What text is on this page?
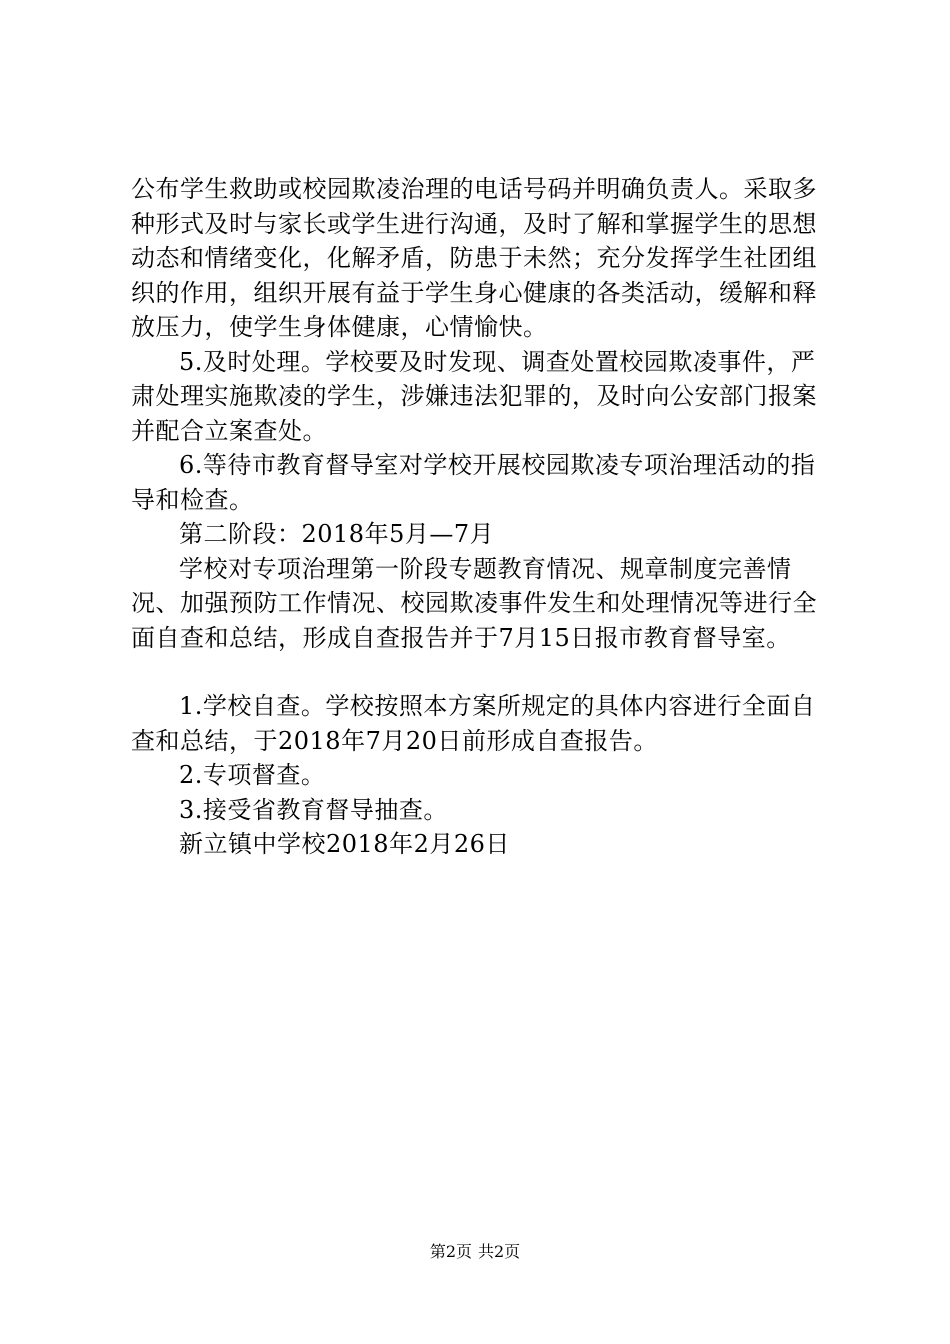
公布学生救助或校园欺凌治理的电话号码并明确负责人。采取多种形式及时与家长或学生进行沟通，及时了解和掌握学生的思想动态和情绪变化，化解矛盾，防患于未然；充分发挥学生社团组织的作用，组织开展有益于学生身心健康的各类活动，缓解和释放压力，使学生身体健康，心情愉快。

5.及时处理。学校要及时发现、调查处置校园欺凌事件，严肃处理实施欺凌的学生，涉嫌违法犯罪的，及时向公安部门报案并配合立案查处。

6.等待市教育督导室对学校开展校园欺凌专项治理活动的指导和检查。

第二阶段：2018年5月—7月

学校对专项治理第一阶段专题教育情况、规章制度完善情况、加强预防工作情况、校园欺凌事件发生和处理情况等进行全面自查和总结，形成自查报告并于7月15日报市教育督导室。

1.学校自查。学校按照本方案所规定的具体内容进行全面自查和总结，于2018年7月20日前形成自查报告。

2.专项督查。

3.接受省教育督导抽查。

新立镇中学校2018年2月26日

第2页 共2页
